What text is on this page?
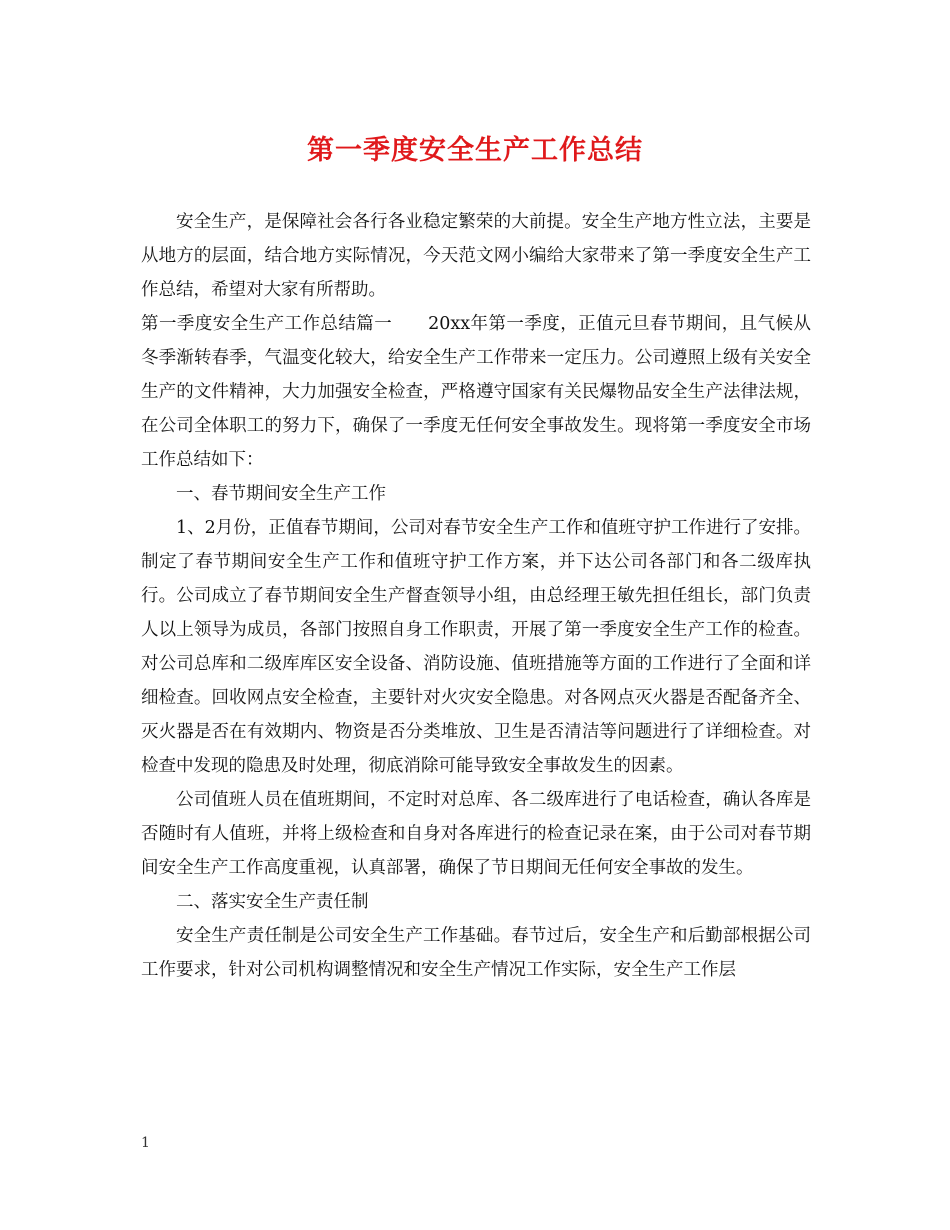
第一季度安全生产工作总结

安全生产，是保障社会各行各业稳定繁荣的大前提。安全生产地方性立法，主要是从地方的层面，结合地方实际情况，今天范文网小编给大家带来了第一季度安全生产工作总结，希望对大家有所帮助。

第一季度安全生产工作总结篇一　　20xx年第一季度，正值元旦春节期间，且气候从冬季渐转春季，气温变化较大，给安全生产工作带来一定压力。公司遵照上级有关安全生产的文件精神，大力加强安全检查，严格遵守国家有关民爆物品安全生产法律法规，在公司全体职工的努力下，确保了一季度无任何安全事故发生。现将第一季度安全市场工作总结如下：

一、春节期间安全生产工作

1、2月份，正值春节期间，公司对春节安全生产工作和值班守护工作进行了安排。制定了春节期间安全生产工作和值班守护工作方案，并下达公司各部门和各二级库执行。公司成立了春节期间安全生产督查领导小组，由总经理王敏先担任组长，部门负责人以上领导为成员，各部门按照自身工作职责，开展了第一季度安全生产工作的检查。对公司总库和二级库库区安全设备、消防设施、值班措施等方面的工作进行了全面和详细检查。回收网点安全检查，主要针对火灾安全隐患。对各网点灭火器是否配备齐全、灭火器是否在有效期内、物资是否分类堆放、卫生是否清洁等问题进行了详细检查。对检查中发现的隐患及时处理，彻底消除可能导致安全事故发生的因素。

公司值班人员在值班期间，不定时对总库、各二级库进行了电话检查，确认各库是否随时有人值班，并将上级检查和自身对各库进行的检查记录在案，由于公司对春节期间安全生产工作高度重视，认真部署，确保了节日期间无任何安全事故的发生。

二、落实安全生产责任制

安全生产责任制是公司安全生产工作基础。春节过后，安全生产和后勤部根据公司工作要求，针对公司机构调整情况和安全生产情况工作实际，安全生产工作层

1
